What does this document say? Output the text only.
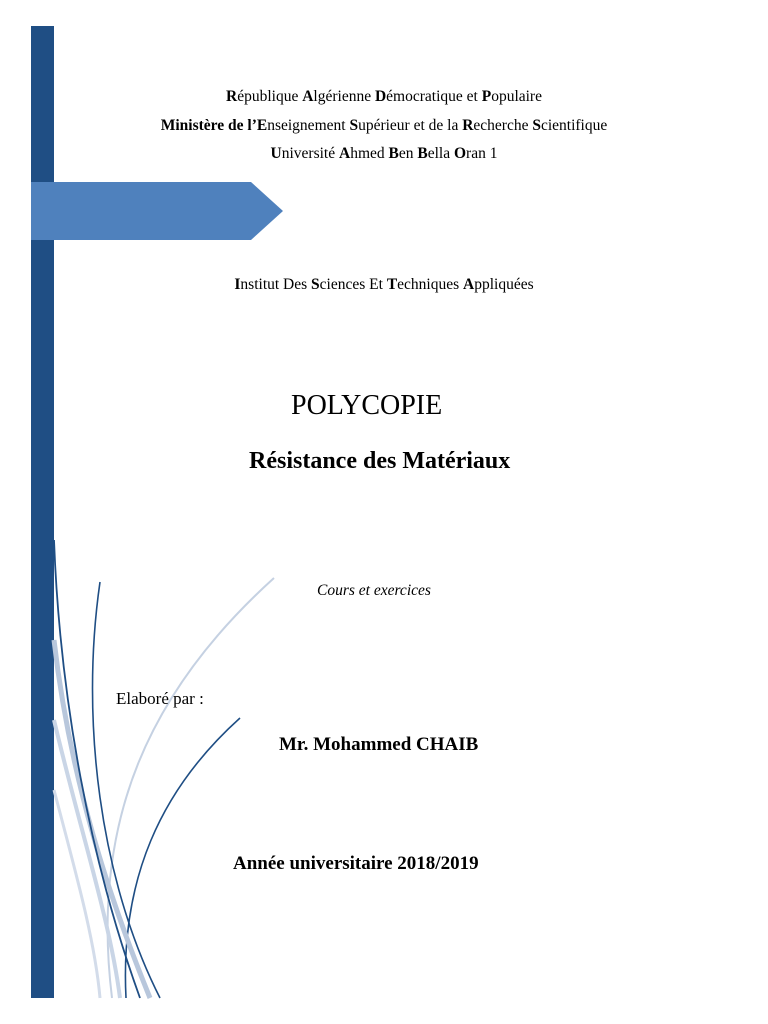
République Algérienne Démocratique et Populaire
Ministère de l’Enseignement Supérieur et de la Recherche Scientifique
Université Ahmed Ben Bella Oran 1
Institut Des Sciences Et Techniques Appliquées
POLYCOPIE
Résistance des Matériaux
Cours et exercices
Elaboré par :
Mr. Mohammed CHAIB
Année universitaire 2018/2019
